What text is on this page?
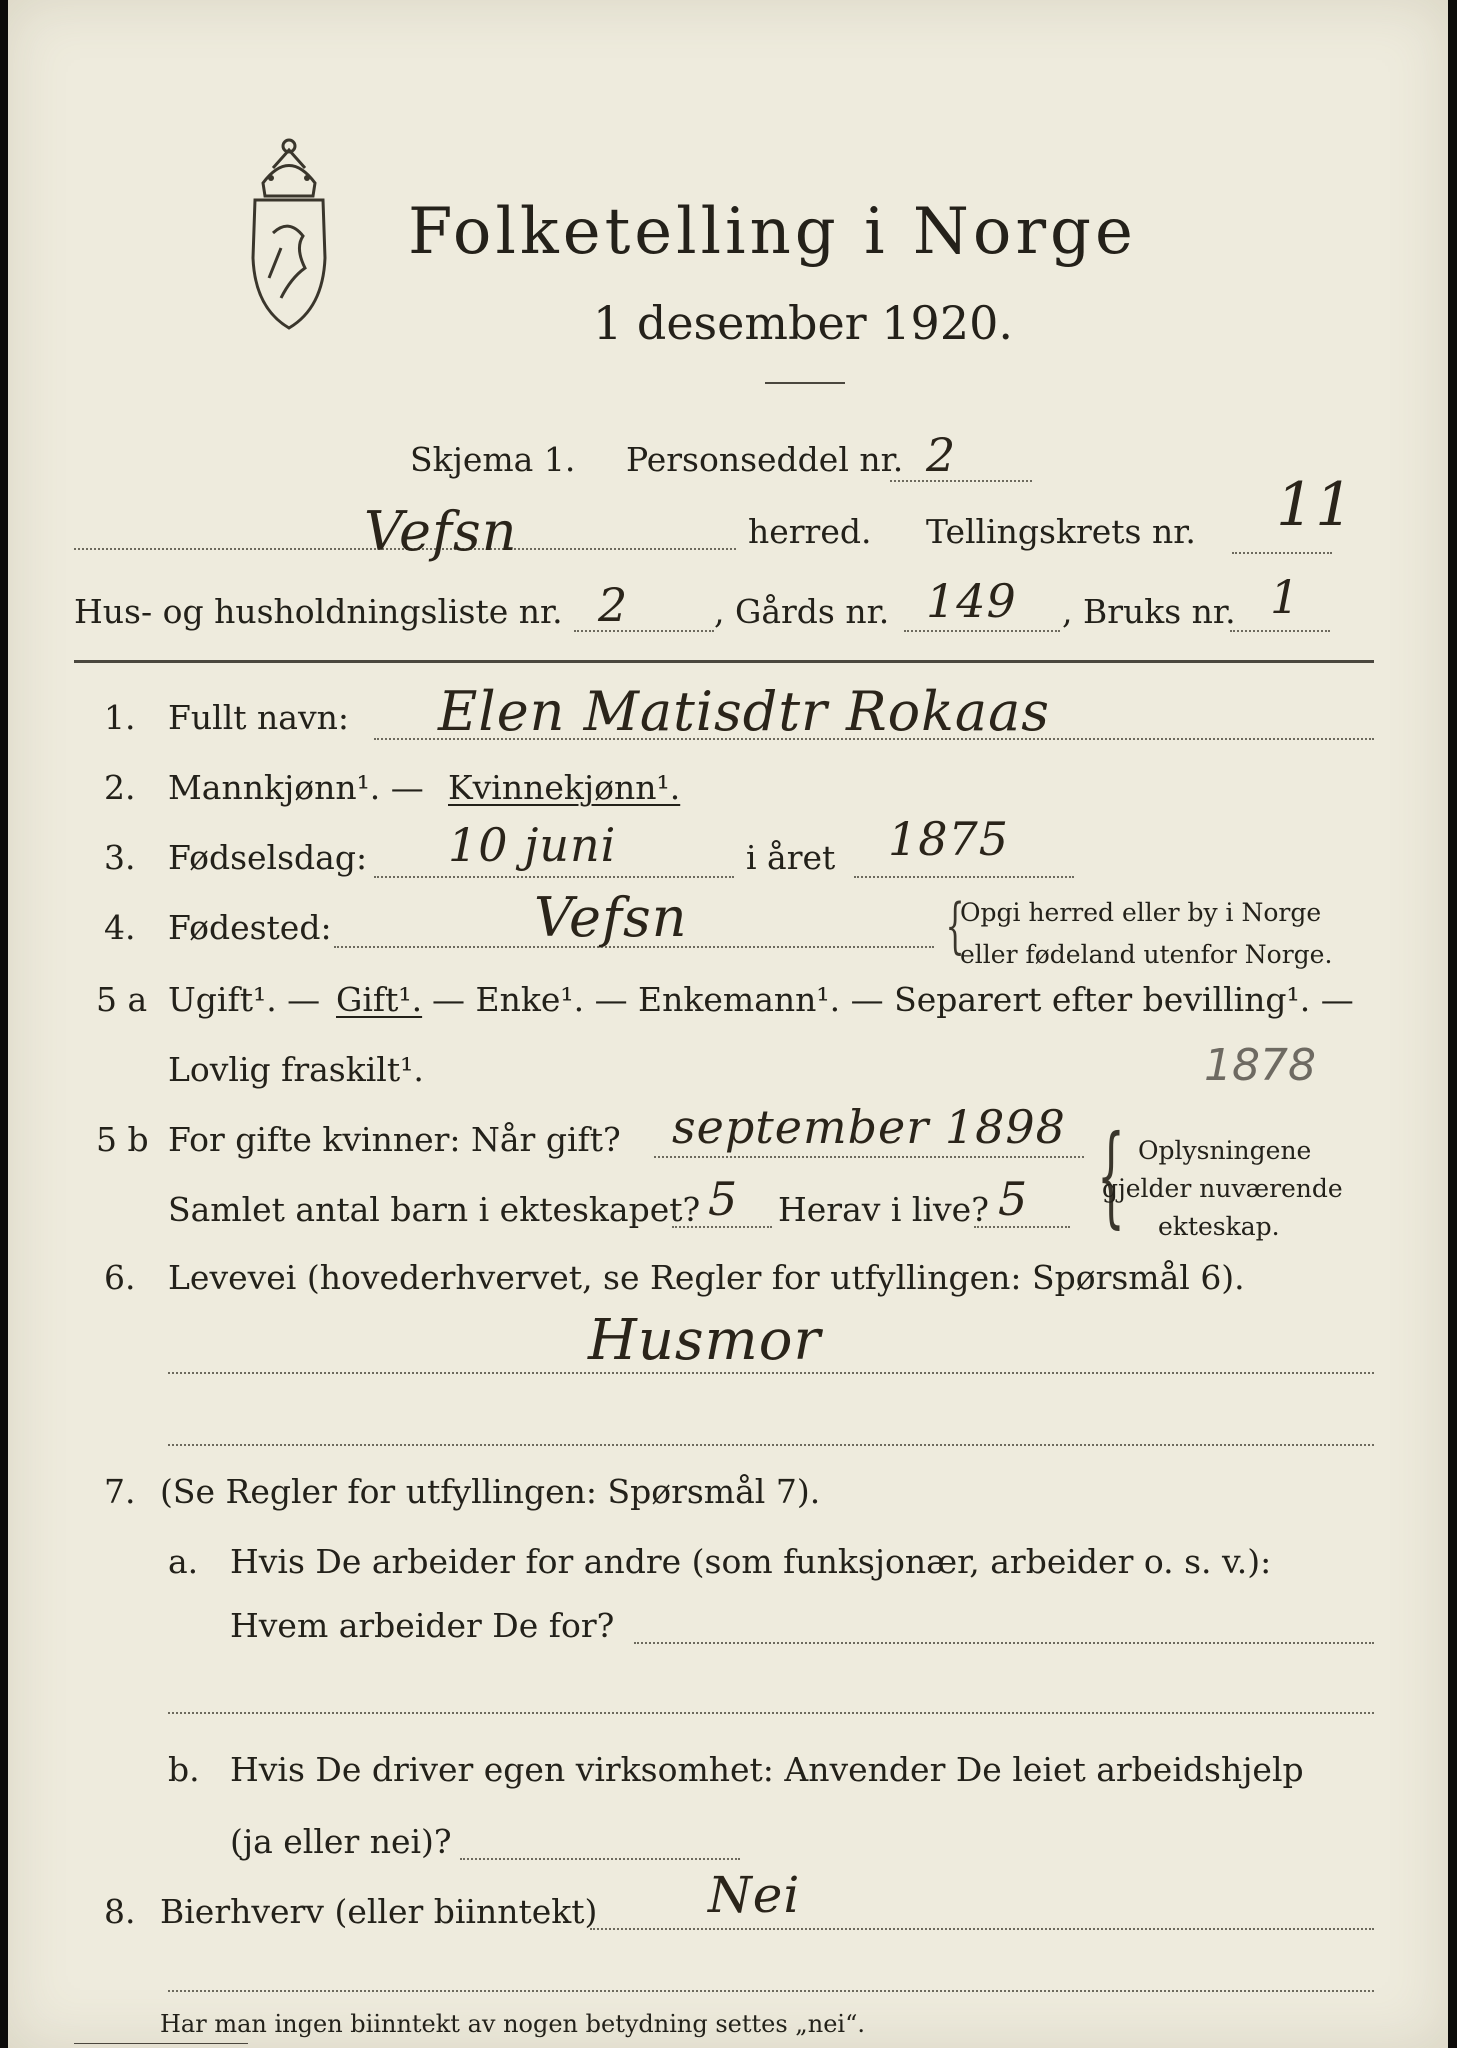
Folketelling i Norge
1 desember 1920.
Skjema 1. Personseddel nr. 2
Vefsn	herred. Tellingskrets nr. 11
Hus- og husholdningsliste nr. 2	, Gårds nr. 149 , Bruks nr. 1
1. Fullt navn: Elen Matisdtr Rokaas
2. Mannkjønn¹. — Kvinnekjønn¹.
3. Fødselsdag: 10 juni	i året 1875
4. Fødested:	Vefsn	{
Opgi herred eller by i Norge
eller fødeland utenfor Norge.
5 a Ugift¹. — Gift¹. — Enke¹. — Enkemann¹. — Separert efter bevilling¹. —
Lovlig fraskilt¹.	1878
5 b For gifte kvinner: Når gift? september 1898
Samlet antal barn i ekteskapet? 5 Herav i live? 5 { Oplysningene
gjelder nuværende
ekteskap.
6. Levevei (hovederhvervet, se Regler for utfyllingen: Spørsmål 6).
Husmor
7. (Se Regler for utfyllingen: Spørsmål 7).
a. Hvis De arbeider for andre (som funksjonær, arbeider o. s. v.):
Hvem arbeider De for?
b. Hvis De driver egen virksomhet: Anvender De leiet arbeidshjelp
(ja eller nei)?
8. Bierhverv (eller biinntekt) Nei
Har man ingen biinntekt av nogen betydning settes „nei“.
